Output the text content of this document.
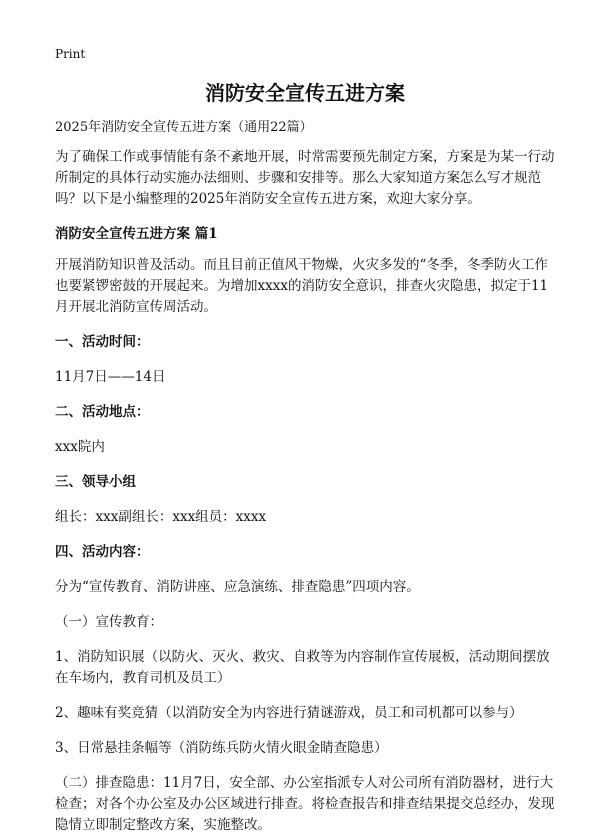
Print
消防安全宣传五进方案
2025年消防安全宣传五进方案（通用22篇）

为了确保工作或事情能有条不紊地开展，时常需要预先制定方案，方案是为某一行动所制定的具体行动实施办法细则、步骤和安排等。那么大家知道方案怎么写才规范吗？以下是小编整理的2025年消防安全宣传五进方案，欢迎大家分享。

消防安全宣传五进方案 篇1

开展消防知识普及活动。而且目前正值风干物燥，火灾多发的“冬季，冬季防火工作也要紧锣密鼓的开展起来。为增加xxxx的消防安全意识，排查火灾隐患，拟定于11月开展北消防宣传周活动。

一、活动时间：

11月7日——14日

二、活动地点：

xxx院内

三、领导小组

组长：xxx副组长：xxx组员：xxxx

四、活动内容：

分为“宣传教育、消防讲座、应急演练、排查隐患”四项内容。

（一）宣传教育：

1、消防知识展（以防火、灭火、救灾、自救等为内容制作宣传展板，活动期间摆放在车场内，教育司机及员工）

2、趣味有奖竞猜（以消防安全为内容进行猜谜游戏，员工和司机都可以参与）

3、日常悬挂条幅等（消防练兵防火情火眼金睛查隐患）

（二）排查隐患：11月7日，安全部、办公室指派专人对公司所有消防器材，进行大检查；对各个办公室及办公区域进行排查。将检查报告和排查结果提交总经办，发现隐情立即制定整改方案，实施整改。
